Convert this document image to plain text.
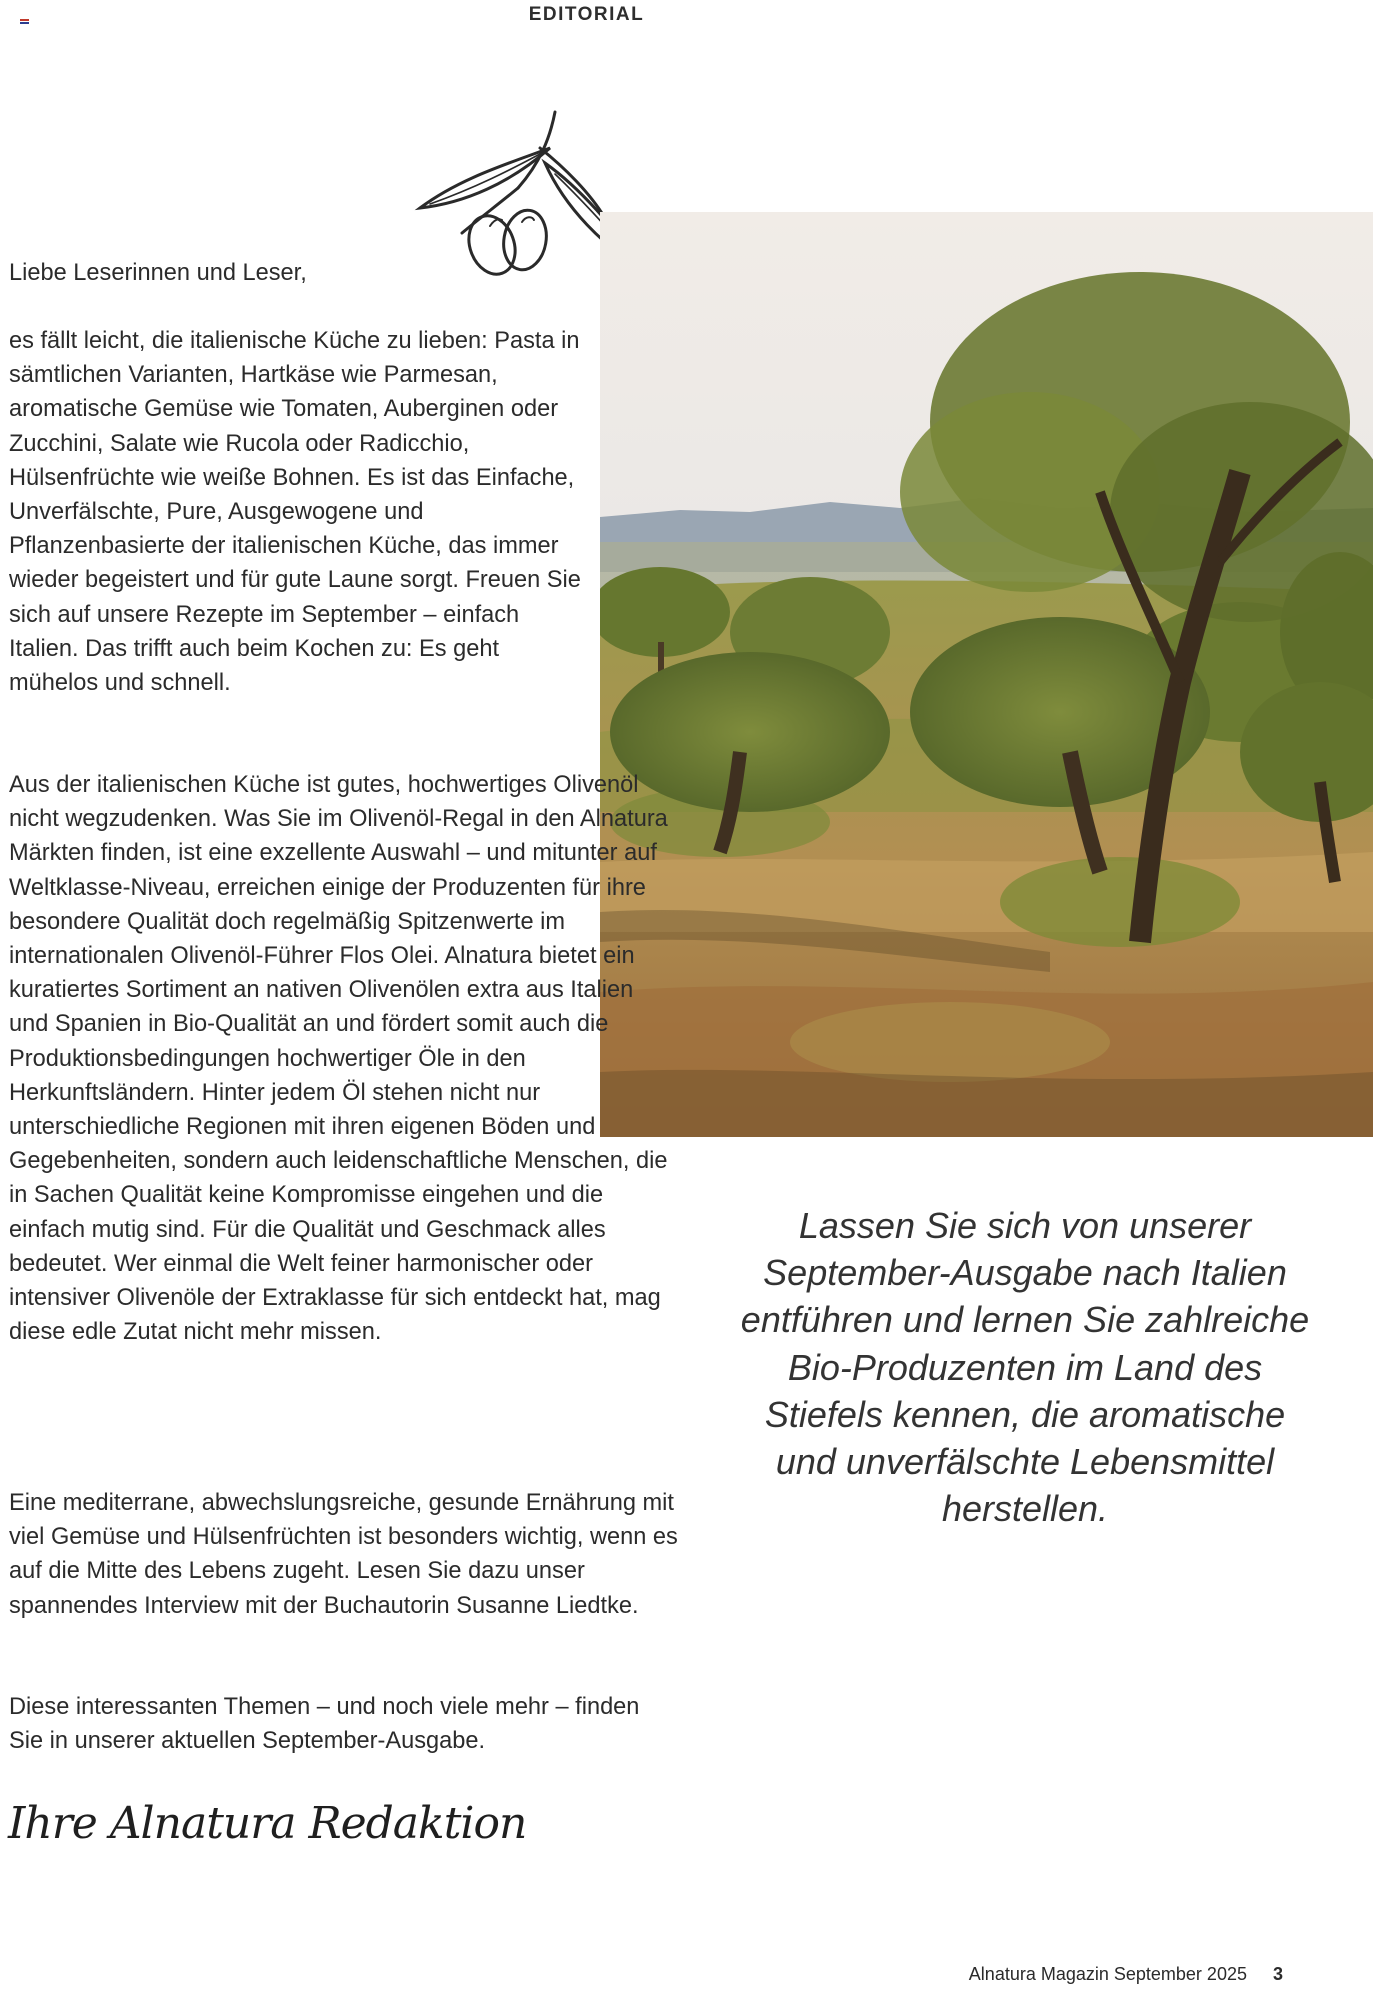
EDITORIAL

Liebe Leserinnen und Leser,

es fällt leicht, die italienische Küche zu lieben: Pasta in sämtlichen Varianten, Hartkäse wie Parmesan, aromatische Gemüse wie Tomaten, Auberginen oder Zucchini, Salate wie Rucola oder Radicchio, Hülsenfrüchte wie weiße Bohnen. Es ist das Einfache, Unverfälschte, Pure, Ausgewogene und Pflanzenbasierte der italienischen Küche, das immer wieder begeistert und für gute Laune sorgt. Freuen Sie sich auf unsere Rezepte im September – einfach Italien. Das trifft auch beim Kochen zu: Es geht mühelos und schnell.

Aus der italienischen Küche ist gutes, hochwertiges Olivenöl nicht wegzudenken. Was Sie im Olivenöl-Regal in den Alnatura Märkten finden, ist eine exzellente Auswahl – und mitunter auf Weltklasse-Niveau, erreichen einige der Produzenten für ihre besondere Qualität doch regelmäßig Spitzenwerte im internationalen Olivenöl-Führer Flos Olei. Alnatura bietet ein kuratiertes Sortiment an nativen Olivenölen extra aus Italien und Spanien in Bio-Qualität an und fördert somit auch die Produktionsbedingungen hochwertiger Öle in den Herkunftsländern. Hinter jedem Öl stehen nicht nur unterschiedliche Regionen mit ihren eigenen Böden und Gegebenheiten, sondern auch leidenschaftliche Menschen, die in Sachen Qualität keine Kompromisse eingehen und die einfach mutig sind. Für die Qualität und Geschmack alles bedeutet. Wer einmal die Welt feiner harmonischer oder intensiver Olivenöle der Extraklasse für sich entdeckt hat, mag diese edle Zutat nicht mehr missen.

Eine mediterrane, abwechslungsreiche, gesunde Ernährung mit viel Gemüse und Hülsenfrüchten ist besonders wichtig, wenn es auf die Mitte des Lebens zugeht. Lesen Sie dazu unser spannendes Interview mit der Buchautorin Susanne Liedtke.

Diese interessanten Themen – und noch viele mehr – finden Sie in unserer aktuellen September-Ausgabe.

Ihre Alnatura Redaktion
Lassen Sie sich von unserer September-Ausgabe nach Italien entführen und lernen Sie zahlreiche Bio-Produzenten im Land des Stiefels kennen, die aromatische und unverfälschte Lebensmittel herstellen.
Alnatura Magazin September 2025 3
